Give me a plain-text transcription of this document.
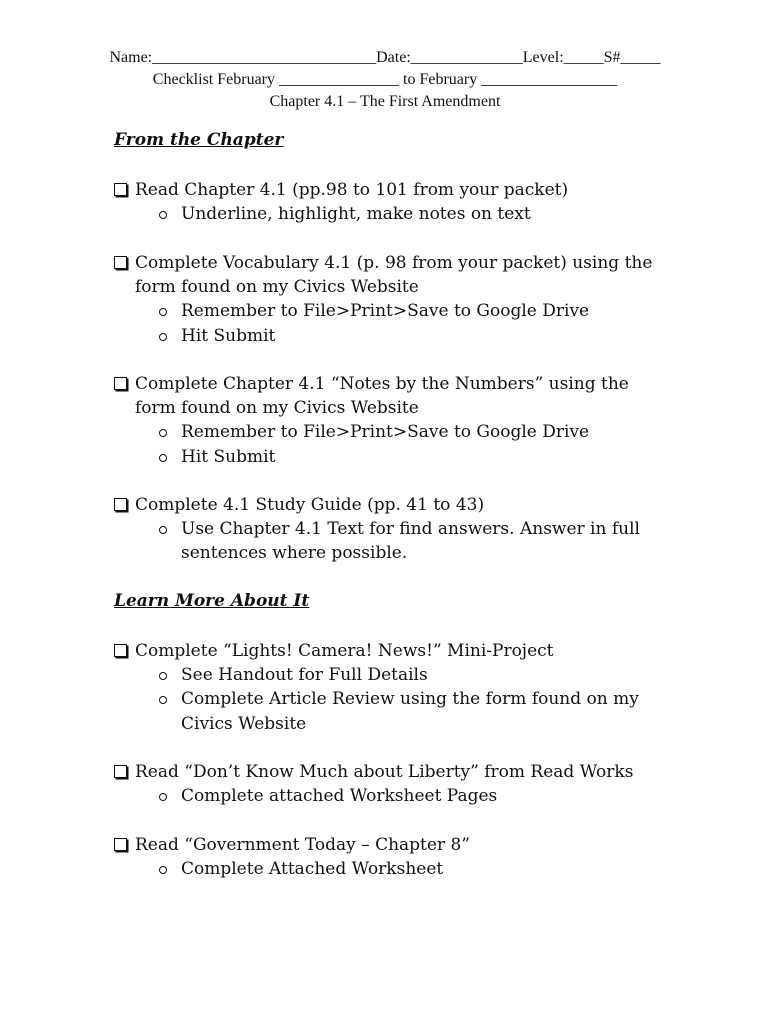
Name:____________________________Date:______________Level:_____S#_____
Checklist February _______________ to February _________________
Chapter 4.1 – The First Amendment
From the Chapter
Read Chapter 4.1 (pp.98 to 101 from your packet)
Underline, highlight, make notes on text
Complete Vocabulary 4.1 (p. 98 from your packet) using the form found on my Civics Website
Remember to File>Print>Save to Google Drive
Hit Submit
Complete Chapter 4.1 “Notes by the Numbers” using the form found on my Civics Website
Remember to File>Print>Save to Google Drive
Hit Submit
Complete 4.1 Study Guide (pp. 41 to 43)
Use Chapter 4.1 Text for find answers. Answer in full sentences where possible.
Learn More About It
Complete “Lights! Camera! News!” Mini-Project
See Handout for Full Details
Complete Article Review using the form found on my Civics Website
Read “Don’t Know Much about Liberty” from Read Works
Complete attached Worksheet Pages
Read “Government Today – Chapter 8”
Complete Attached Worksheet
